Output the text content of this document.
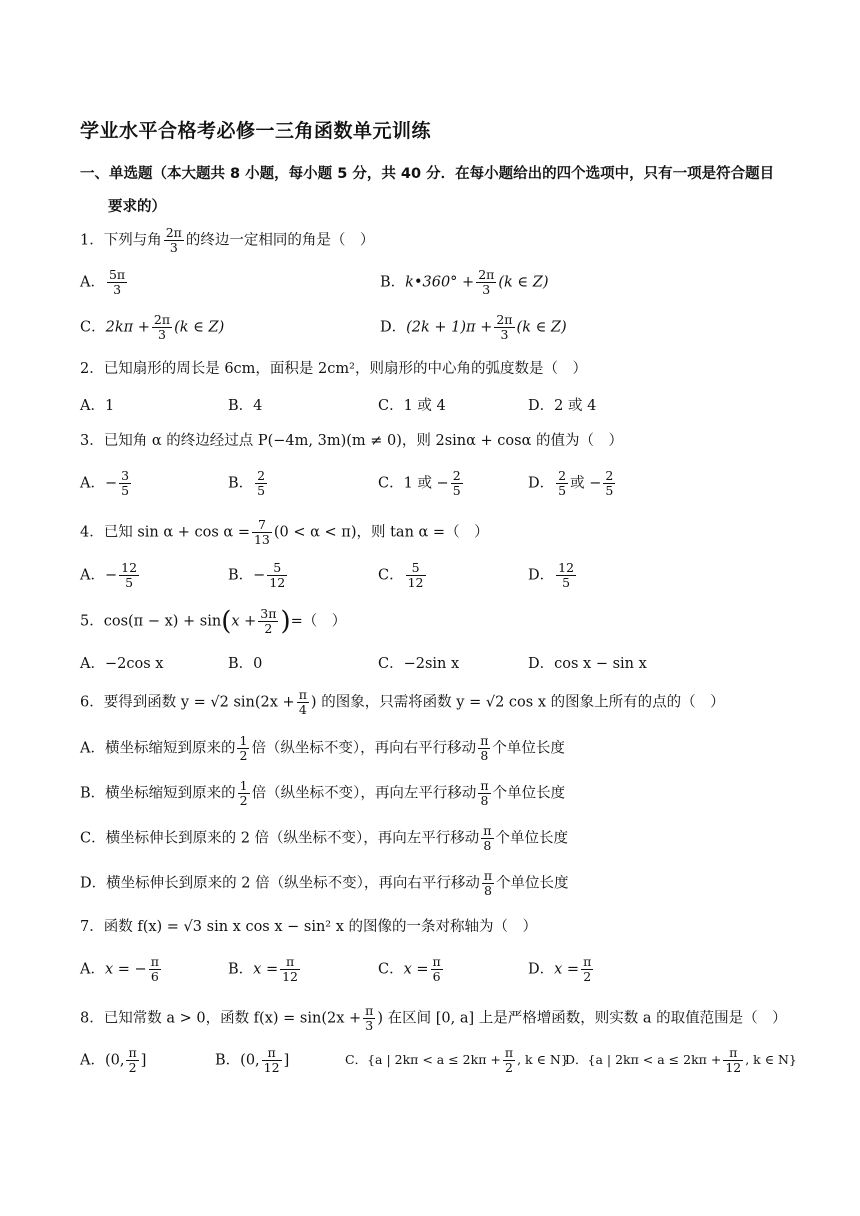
学业水平合格考必修一三角函数单元训练
一、单选题（本大题共 8 小题，每小题 5 分，共 40 分．在每小题给出的四个选项中，只有一项是符合题目
要求的）
1．下列与角 $\frac{2\pi}{3}$ 的终边一定相同的角是（　）
A． $\frac{5\pi}{3}$	B．k•360° + $\frac{2\pi}{3} (k$ ∈ Z)
C．$2k\pi + \frac{2\pi}{3} (k$ ∈ Z)	D．$(2k + 1)\pi + \frac{2\pi}{3} (k$ ∈ Z)
2．已知扇形的周长是 6cm，面积是 2cm²，则扇形的中心角的弧度数是（　）
A．1	B．4	C．1 或 4	D．2 或 4
3．已知角 α 的终边经过点 P(−4m, 3m)(m ≠ 0)，则 2sinα + cosα 的值为（　）
A．− $\frac{3}{5}$	B． $\frac{2}{5}$	C．1 或 − $\frac{2}{5}$	D． $\frac{2}{5}$ 或 − $\frac{2}{5}$
4．已知 $\sin \alpha + \cos \alpha = \frac{7}{13} (0 < \alpha < \pi)$，则 tan α =（　）
A．− $\frac{12}{5}$	B．− $\frac{5}{12}$	C． $\frac{5}{12}$	D． $\frac{12}{5}$
5．$\cos(\pi - x) + \sin(x + \frac{3\pi}{2}$ )=（　）
A．−2cos x	B．0	C．−2sin x	D．cos x − sin x
6．要得到函数 y = √2 $\sin(2x + \frac{\pi}{4}$ ) 的图象，只需将函数 y = √2 cos x 的图象上所有的点的（　）
A．横坐标缩短到原来的 $\frac{1}{2}$ 倍（纵坐标不变），再向右平行移动 $\frac{\pi}{8}$ 个单位长度
B．横坐标缩短到原来的 $\frac{1}{2}$ 倍（纵坐标不变），再向左平行移动 $\frac{\pi}{8}$ 个单位长度
C．横坐标伸长到原来的 2 倍（纵坐标不变），再向左平行移动 $\frac{\pi}{8}$ 个单位长度
D．横坐标伸长到原来的 2 倍（纵坐标不变），再向右平行移动 $\frac{\pi}{8}$ 个单位长度
7．函数 f(x) = √3 sin x cos x − sin² x 的图像的一条对称轴为（　）
A．x = − $\frac{\pi}{6}$	B．$x = \frac{\pi}{12}$	C．$x = \frac{\pi}{6}$	D．$x = \frac{\pi}{2}$
8．已知常数 a > 0，函数 $f(x) = \sin(2x + \frac{\pi}{3}$ ) 在区间 [0, a] 上是严格增函数，则实数 a 的取值范围是（　）
A．(0, $\frac{\pi}{2}$ ]	B．(0, $\frac{\pi}{12}$ ]	C．{a | $2k\pi < a \le 2k\pi + \frac{\pi}{2}$ , k ∈ N}
D．{a | $2k\pi < a \le 2k\pi + \frac{\pi}{12}$ , k ∈ N}
